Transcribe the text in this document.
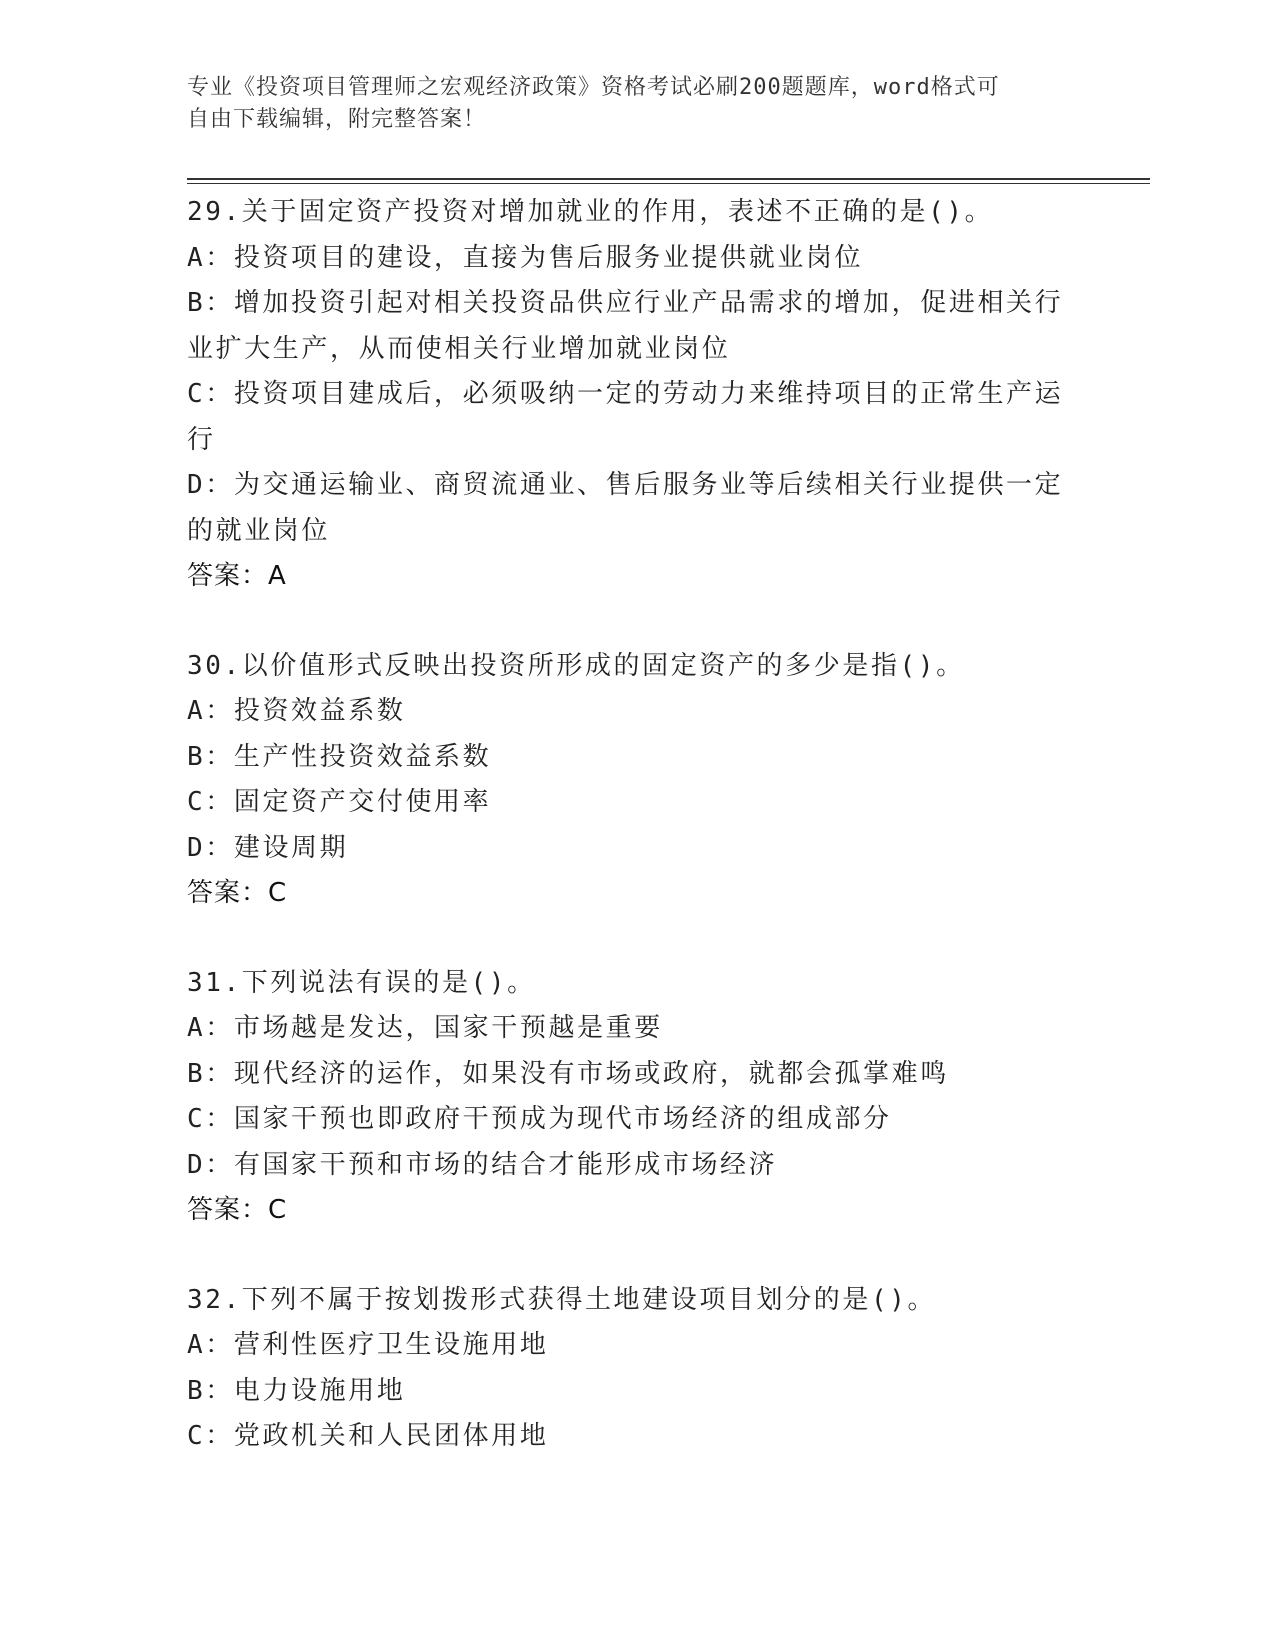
专业《投资项目管理师之宏观经济政策》资格考试必刷200题题库，word格式可
自由下载编辑，附完整答案！
29.关于固定资产投资对增加就业的作用，表述不正确的是()。
A：投资项目的建设，直接为售后服务业提供就业岗位
B：增加投资引起对相关投资品供应行业产品需求的增加，促进相关行业扩大生产，从而使相关行业增加就业岗位
C：投资项目建成后，必须吸纳一定的劳动力来维持项目的正常生产运行
D：为交通运输业、商贸流通业、售后服务业等后续相关行业提供一定的就业岗位
答案：A
30.以价值形式反映出投资所形成的固定资产的多少是指()。
A：投资效益系数
B：生产性投资效益系数
C：固定资产交付使用率
D：建设周期
答案：C
31.下列说法有误的是()。
A：市场越是发达，国家干预越是重要
B：现代经济的运作，如果没有市场或政府，就都会孤掌难鸣
C：国家干预也即政府干预成为现代市场经济的组成部分
D：有国家干预和市场的结合才能形成市场经济
答案：C
32.下列不属于按划拨形式获得土地建设项目划分的是()。
A：营利性医疗卫生设施用地
B：电力设施用地
C：党政机关和人民团体用地
